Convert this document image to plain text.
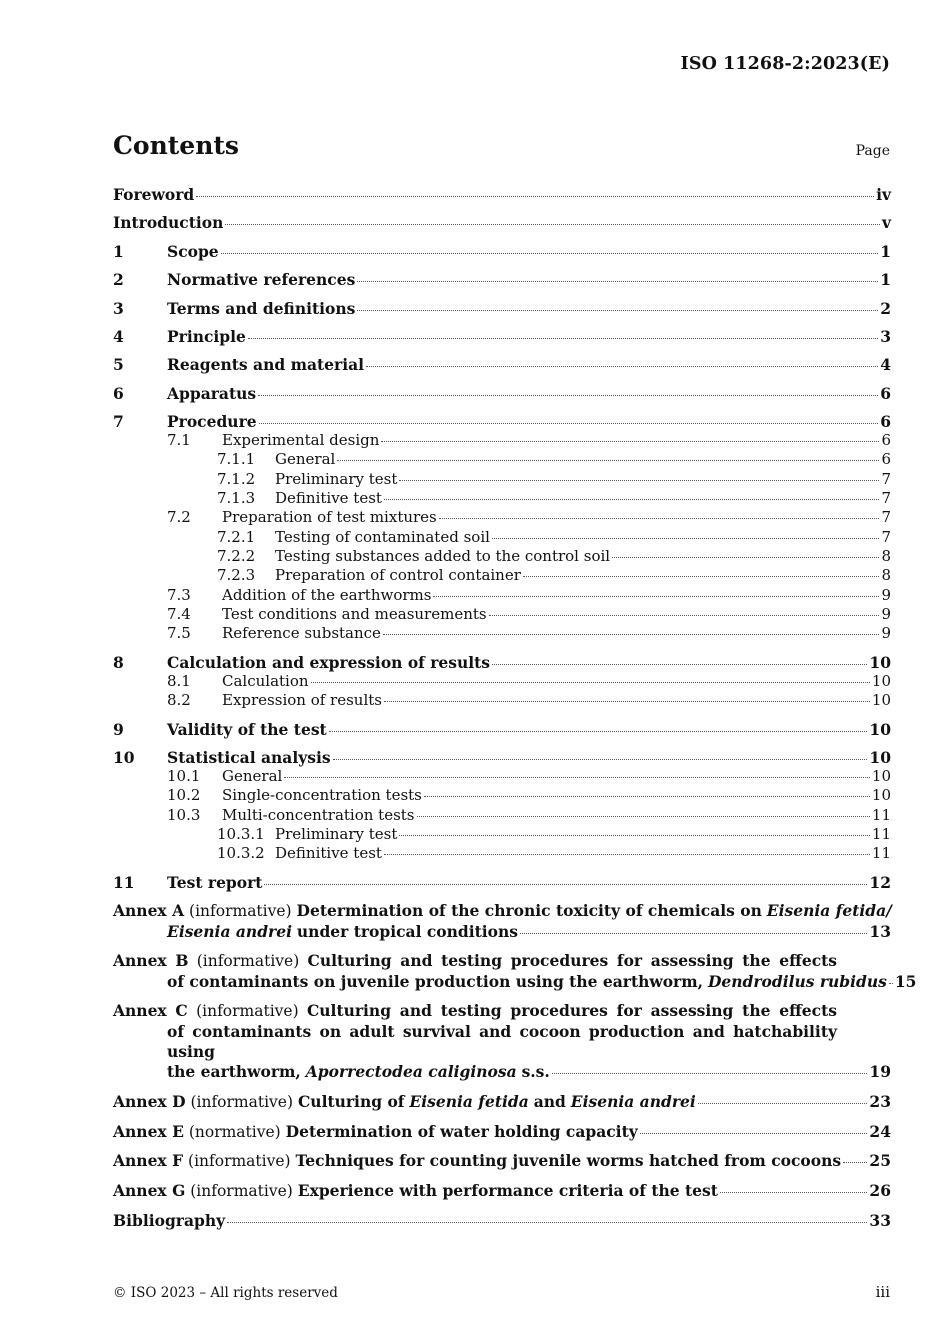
ISO 11268-2:2023(E)
Contents	Page
Foreword	iv
Introduction	v
1	Scope	1
2	Normative references	1
3	Terms and definitions	2
4	Principle	3
5	Reagents and material	4
6	Apparatus	6
7	Procedure	6
7.1	Experimental design	6
7.1.1	General	6
7.1.2	Preliminary test	7
7.1.3	Definitive test	7
7.2	Preparation of test mixtures	7
7.2.1	Testing of contaminated soil	7
7.2.2	Testing substances added to the control soil	8
7.2.3	Preparation of control container	8
7.3	Addition of the earthworms	9
7.4	Test conditions and measurements	9
7.5	Reference substance	9
8	Calculation and expression of results	10
8.1	Calculation	10
8.2	Expression of results	10
9	Validity of the test	10
10	Statistical analysis	10
10.1	General	10
10.2	Single-concentration tests	10
10.3	Multi-concentration tests	11
10.3.1 Preliminary test	11
10.3.2 Definitive test	11
11	Test report	12
Annex A (informative) Determination of the chronic toxicity of chemicals on Eisenia fetida/
Eisenia andrei under tropical conditions	13
Annex B (informative) Culturing and testing procedures for assessing the effects
of contaminants on juvenile production using the earthworm, Dendrodilus rubidus 15
Annex C (informative) Culturing and testing procedures for assessing the effects
of contaminants on adult survival and cocoon production and hatchability using
the earthworm, Aporrectodea caliginosa s.s.	19
Annex D (informative) Culturing of Eisenia fetida and Eisenia andrei	23
Annex E (normative) Determination of water holding capacity	24
Annex F (informative) Techniques for counting juvenile worms hatched from cocoons 25
Annex G (informative) Experience with performance criteria of the test	26
Bibliography	33
© ISO 2023 – All rights reserved	iii
